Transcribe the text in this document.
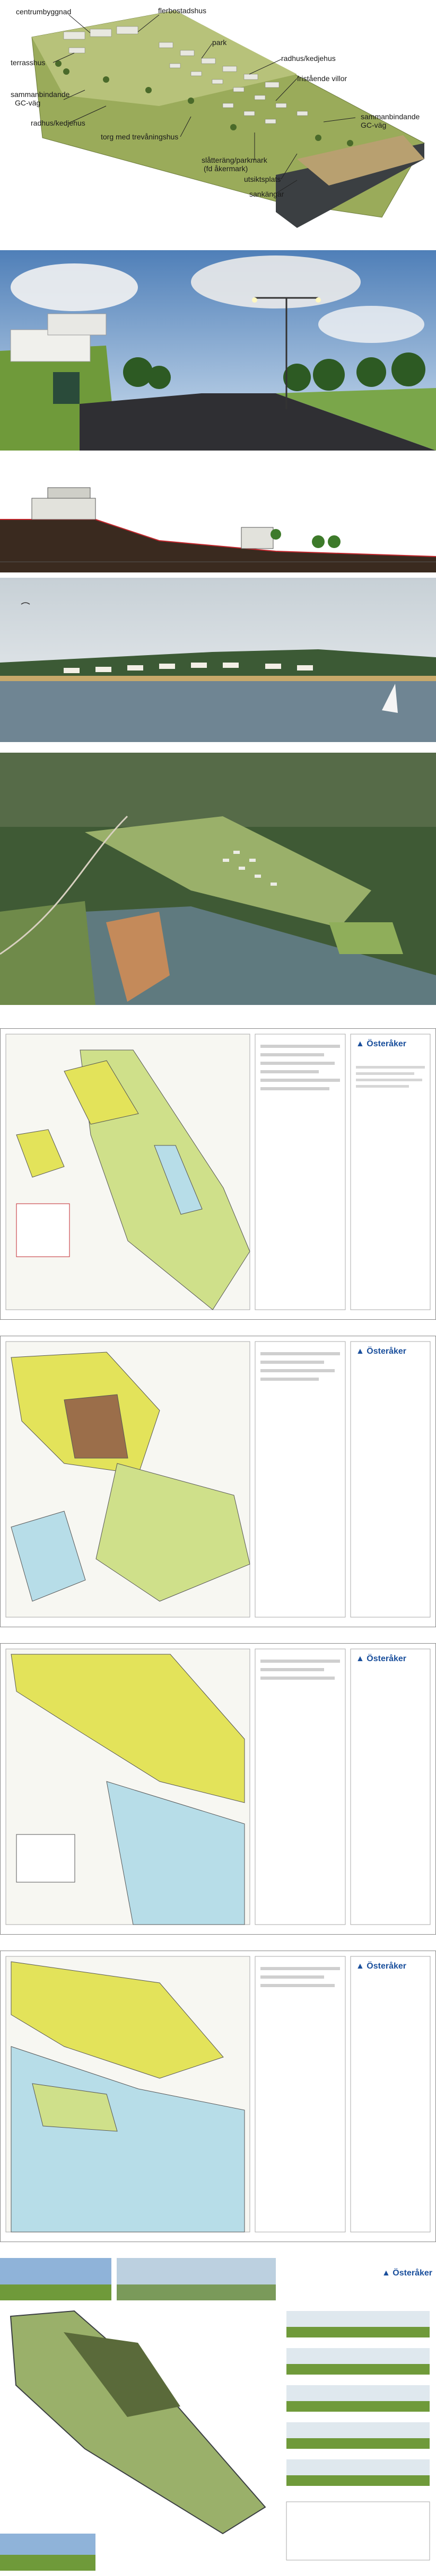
centrumbyggnad	flerbostadshus
terrasshus
park
radhus/kedjehus
sammanbindande
GC-väg
fristående villor
radhus/kedjehus
torg med trevåningshus
sammanbindande
GC-väg
slåtteräng/parkmark
(fd åkermark)
utsiktsplats
sankängar
▲ Österåker
▲ Österåker
▲ Österåker
▲ Österåker
▲ Österåker
